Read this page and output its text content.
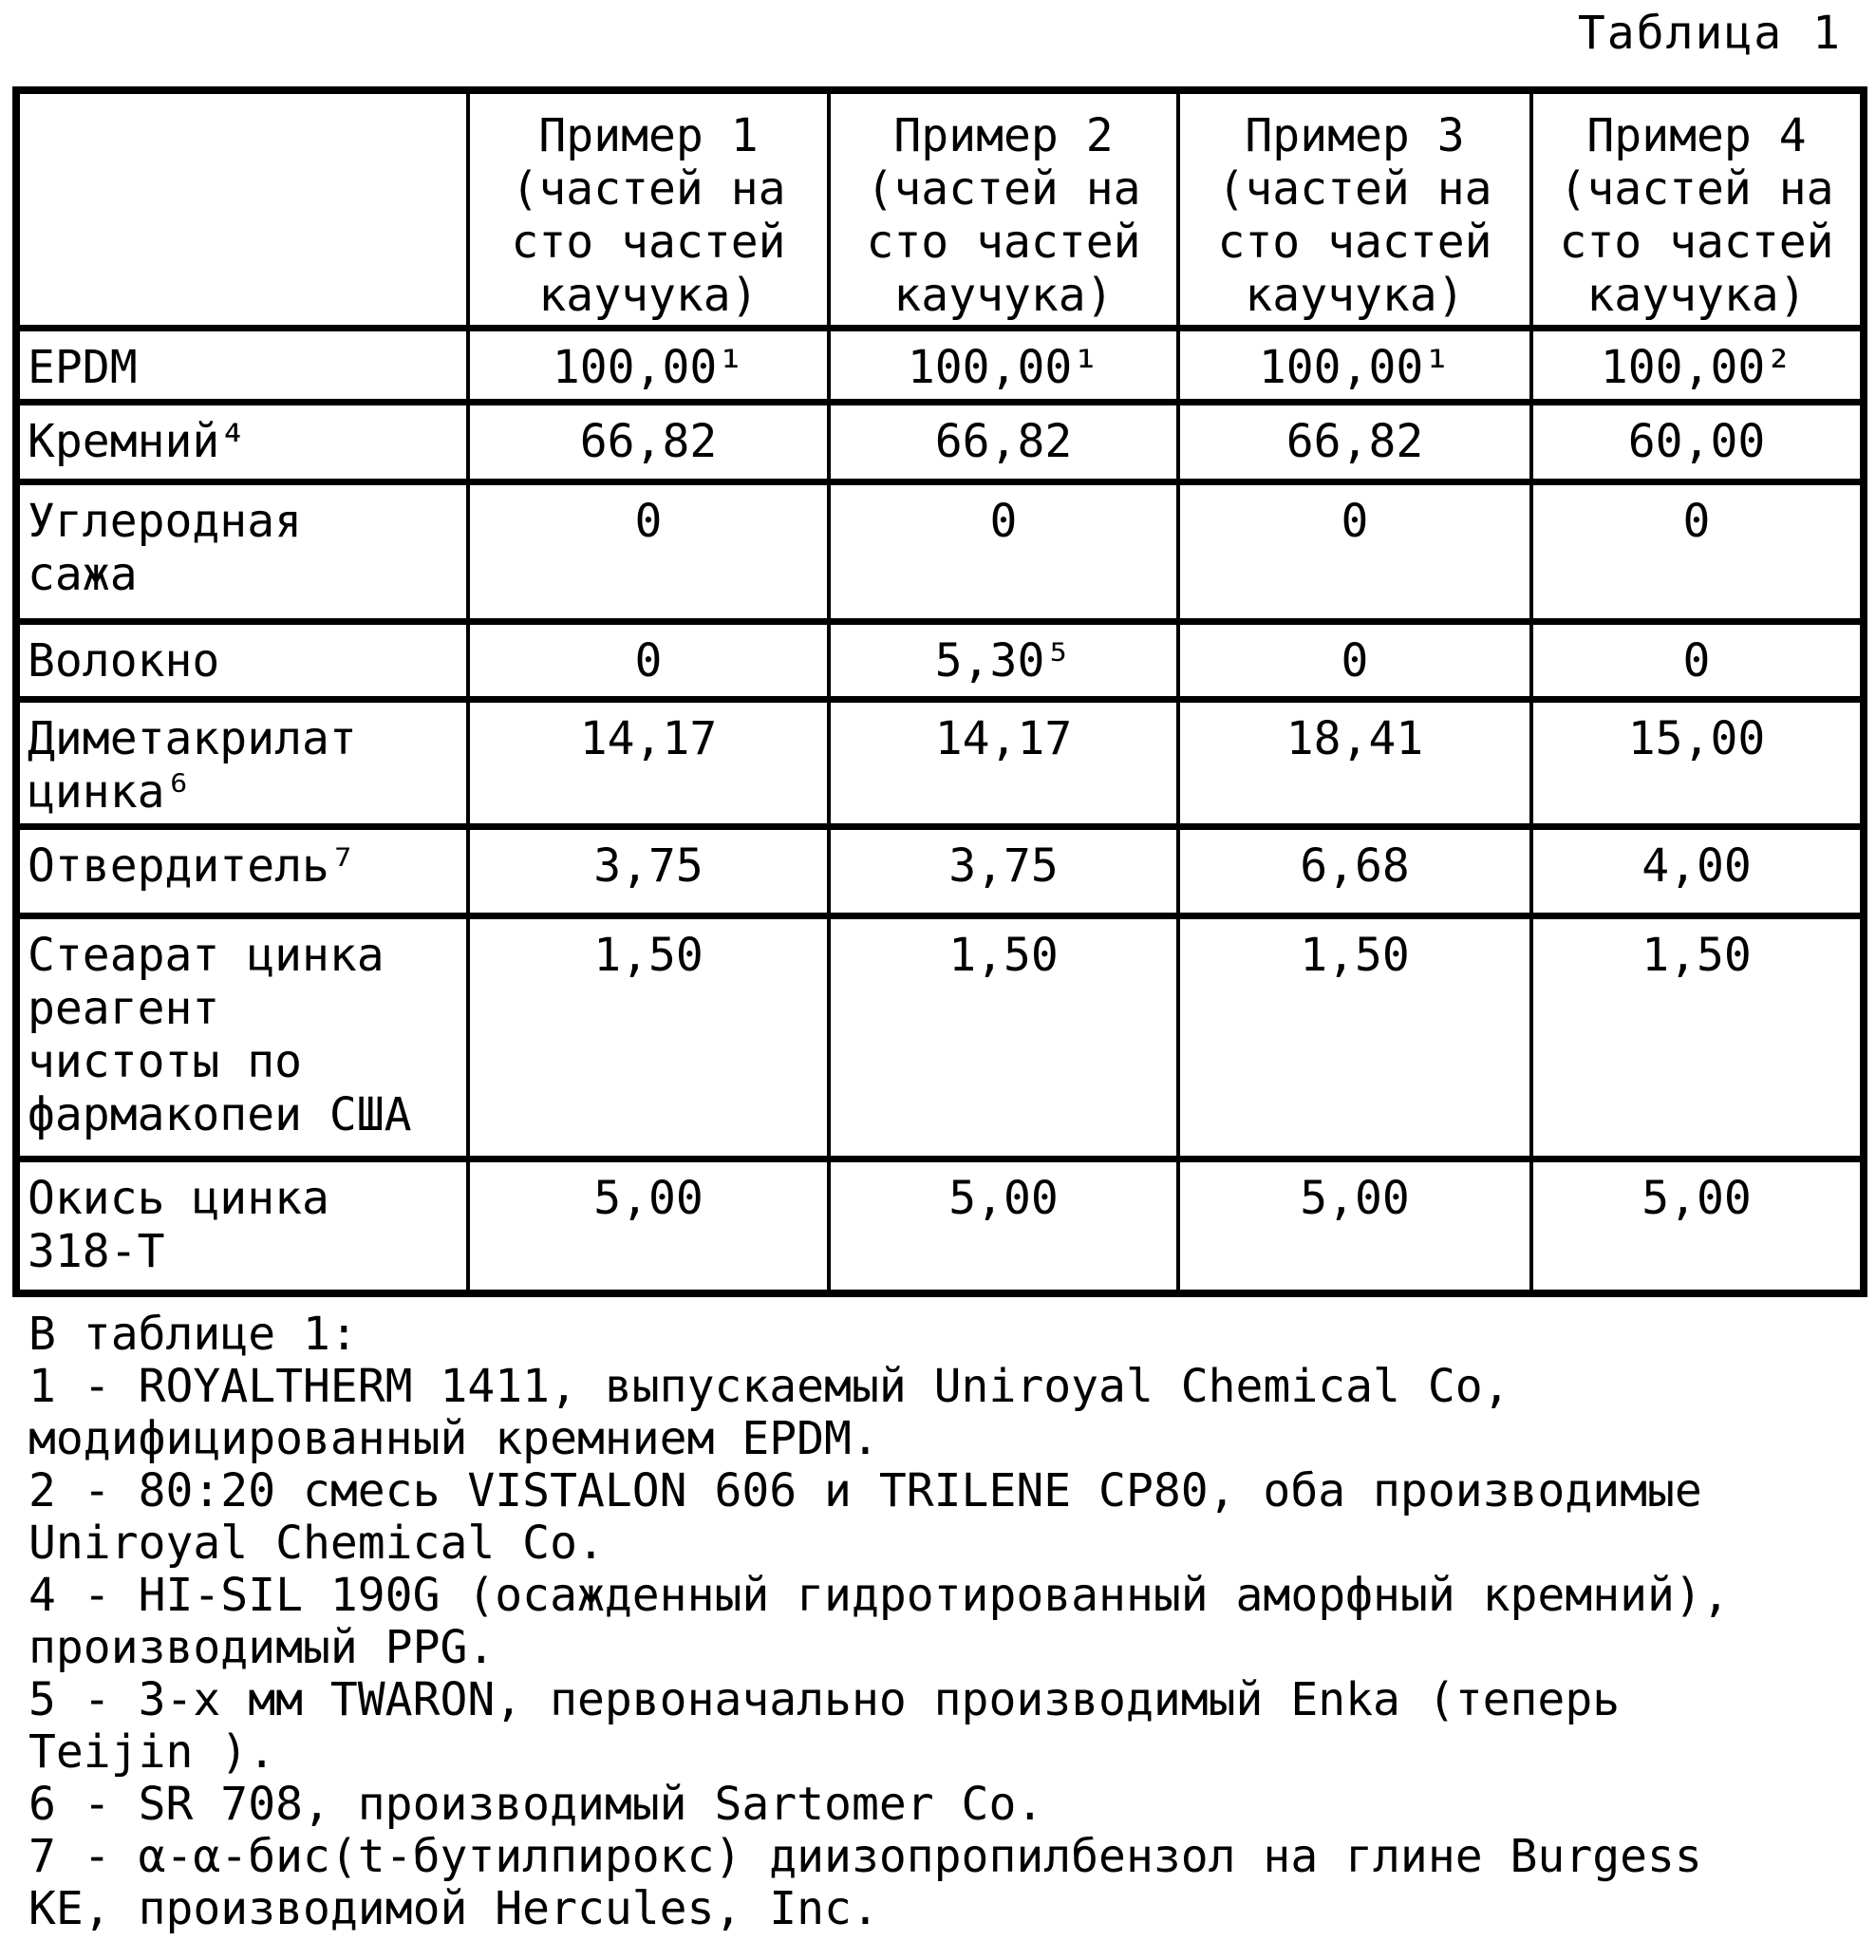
Таблица 1
	Пример 1
(частей на
сто частей
каучука)	Пример 2
(частей на
сто частей
каучука)	Пример 3
(частей на
сто частей
каучука)	Пример 4
(частей на
сто частей
каучука)
EPDM	100,00¹	100,00¹	100,00¹	100,00²
Кремний⁴	66,82	66,82	66,82	60,00
Углеродная
сажа	0	0	0	0
Волокно	0	5,30⁵	0	0
Диметакрилат
цинка⁶	14,17	14,17	18,41	15,00
Отвердитель⁷	3,75	3,75	6,68	4,00
Стеарат цинка
реагент
чистоты по
фармакопеи США	1,50	1,50	1,50	1,50
Окись цинка
318-Т	5,00	5,00	5,00	5,00
В таблице 1:
1 - ROYALTHERM 1411, выпускаемый Uniroyal Chemical Co,
модифицированный кремнием EPDM.
2 - 80:20 смесь VISTALON 606 и TRILENE CP80, оба производимые
Uniroyal Chemical Co.
4 - HI-SIL 190G (осажденный гидротированный аморфный кремний),
производимый PPG.
5 - 3-х мм TWARON, первоначально производимый Enka (теперь
Teijin ).
6 - SR 708, производимый Sartomer Co.
7 - α-α-бис(t-бутилпирокс) диизопропилбензол на глине Burgess
KE, производимой Hercules, Inc.
